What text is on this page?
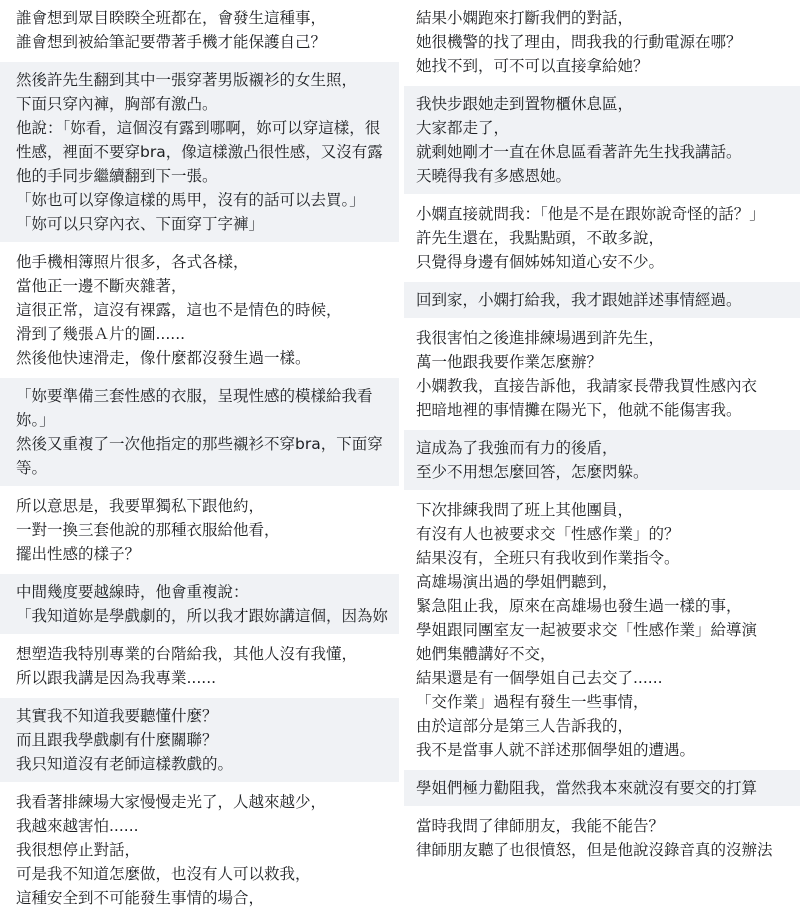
誰會想到眾目睽睽全班都在，會發生這種事，
誰會想到被給筆記要帶著手機才能保護自己？
然後許先生翻到其中一張穿著男版襯衫的女生照，
下面只穿內褲，胸部有激凸。
他說：「妳看，這個沒有露到哪啊，妳可以穿這樣，很
性感，裡面不要穿bra，像這樣激凸很性感，又沒有露
他的手同步繼續翻到下一張。
「妳也可以穿像這樣的馬甲，沒有的話可以去買。」
「妳可以只穿內衣、下面穿丁字褲」
他手機相簿照片很多，各式各樣，
當他正一邊不斷夾雜著，
這很正常，這沒有裸露，這也不是情色的時候，
滑到了幾張Ａ片的圖......
然後他快速滑走，像什麼都沒發生過一樣。
「妳要準備三套性感的衣服，呈現性感的模樣給我看
妳。」
然後又重複了一次他指定的那些襯衫不穿bra，下面穿
等。
所以意思是，我要單獨私下跟他約，
一對一換三套他說的那種衣服給他看，
擺出性感的樣子？
中間幾度要越線時，他會重複說：
「我知道妳是學戲劇的，所以我才跟妳講這個，因為妳
想塑造我特別專業的台階給我，其他人沒有我懂，
所以跟我講是因為我專業......
其實我不知道我要聽懂什麼？
而且跟我學戲劇有什麼關聯？
我只知道沒有老師這樣教戲的。
我看著排練場大家慢慢走光了，人越來越少，
我越來越害怕......
我很想停止對話，
可是我不知道怎麼做，也沒有人可以救我，
這種安全到不可能發生事情的場合，
結果小嫻跑來打斷我們的對話，
她很機警的找了理由，問我我的行動電源在哪？
她找不到，可不可以直接拿給她？
我快步跟她走到置物櫃休息區，
大家都走了，
就剩她剛才一直在休息區看著許先生找我講話。
天曉得我有多感恩她。
小嫻直接就問我：「他是不是在跟妳說奇怪的話？」
許先生還在，我點點頭，不敢多說，
只覺得身邊有個姊姊知道心安不少。
回到家，小嫻打給我，我才跟她詳述事情經過。
我很害怕之後進排練場遇到許先生，
萬一他跟我要作業怎麼辦？
小嫻教我，直接告訴他，我請家長帶我買性感內衣
把暗地裡的事情攤在陽光下，他就不能傷害我。
這成為了我強而有力的後盾，
至少不用想怎麼回答，怎麼閃躲。
下次排練我問了班上其他團員，
有沒有人也被要求交「性感作業」的？
結果沒有，全班只有我收到作業指令。
高雄場演出過的學姐們聽到，
緊急阻止我，原來在高雄場也發生過一樣的事，
學姐跟同團室友一起被要求交「性感作業」給導演
她們集體講好不交，
結果還是有一個學姐自己去交了......
「交作業」過程有發生一些事情，
由於這部分是第三人告訴我的，
我不是當事人就不詳述那個學姐的遭遇。
學姐們極力勸阻我，當然我本來就沒有要交的打算
當時我問了律師朋友，我能不能告？
律師朋友聽了也很憤怒，但是他說沒錄音真的沒辦法
